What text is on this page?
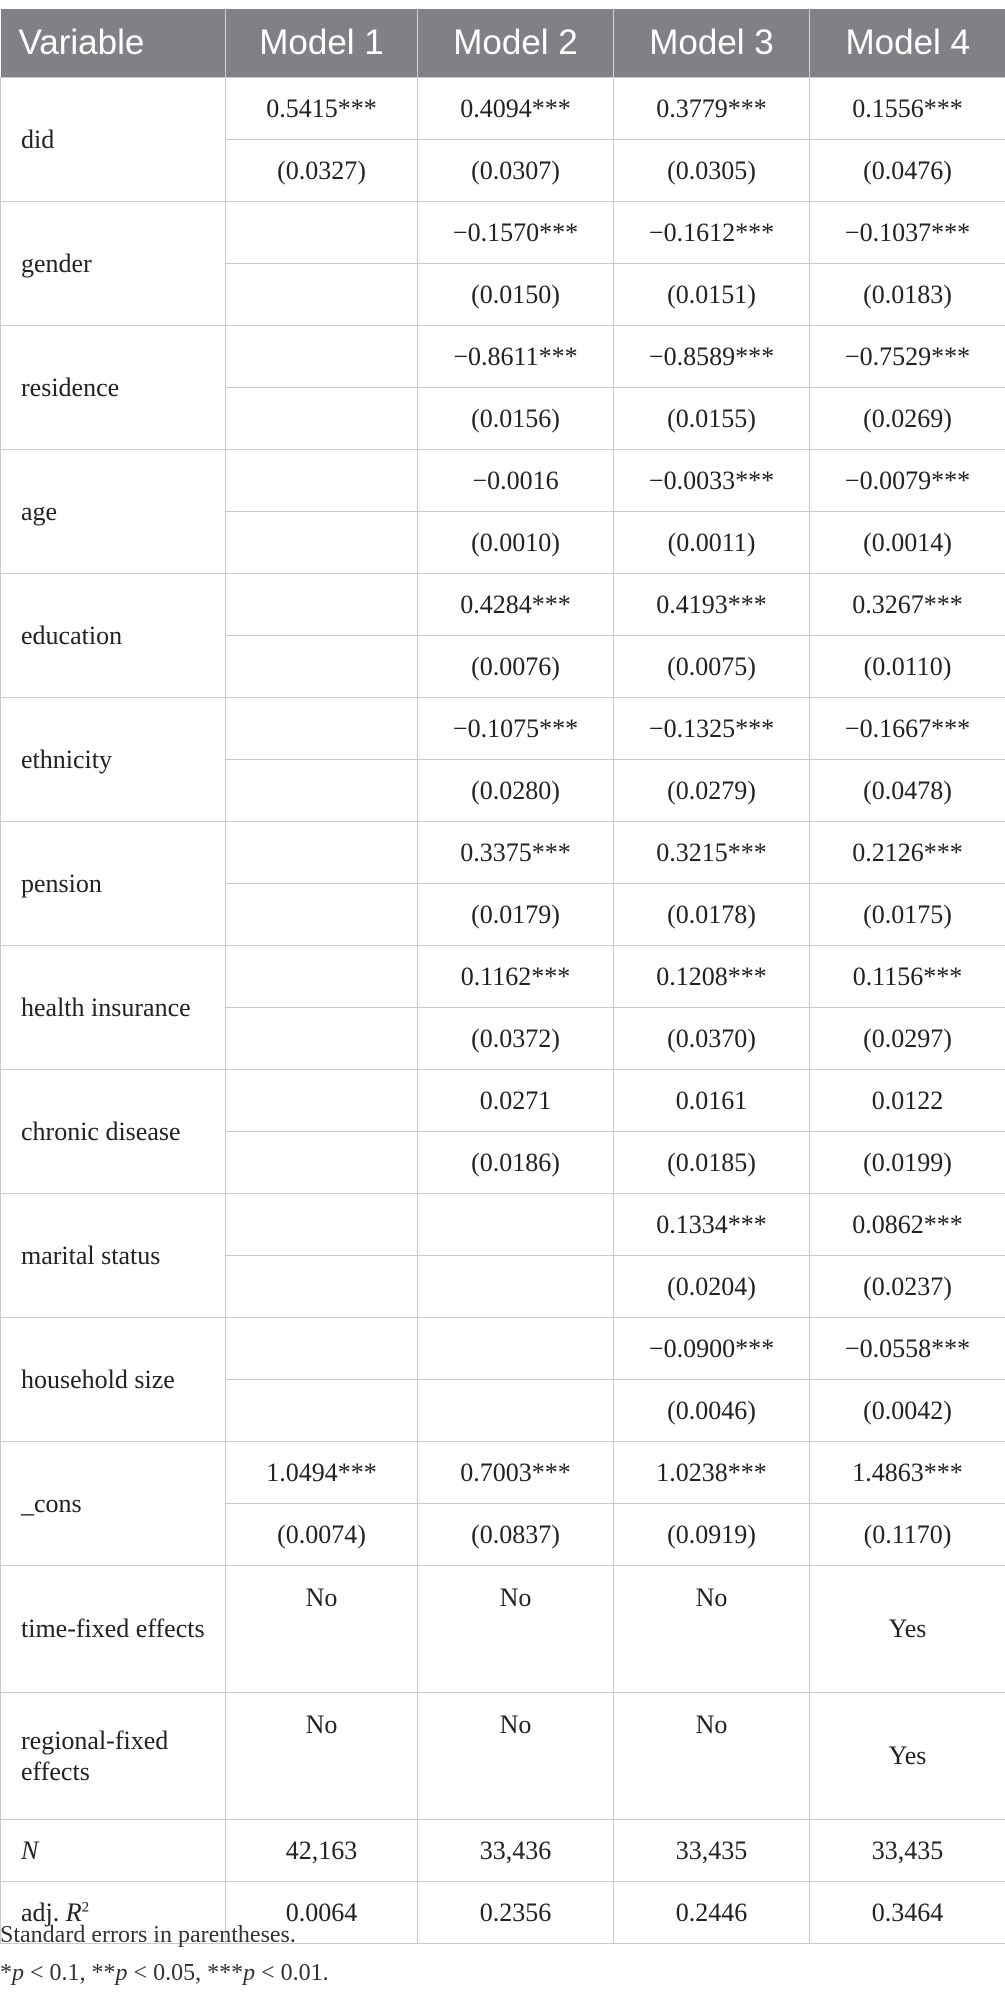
Variable	Model 1	Model 2	Model 3	Model 4
did	0.5415***	0.4094***	0.3779***	0.1556***
	(0.0327)	(0.0307)	(0.0305)	(0.0476)
gender		−0.1570***	−0.1612***	−0.1037***
		(0.0150)	(0.0151)	(0.0183)
residence		−0.8611***	−0.8589***	−0.7529***
		(0.0156)	(0.0155)	(0.0269)
age		−0.0016	−0.0033***	−0.0079***
		(0.0010)	(0.0011)	(0.0014)
education		0.4284***	0.4193***	0.3267***
		(0.0076)	(0.0075)	(0.0110)
ethnicity		−0.1075***	−0.1325***	−0.1667***
		(0.0280)	(0.0279)	(0.0478)
pension		0.3375***	0.3215***	0.2126***
		(0.0179)	(0.0178)	(0.0175)
health insurance		0.1162***	0.1208***	0.1156***
		(0.0372)	(0.0370)	(0.0297)
chronic disease		0.0271	0.0161	0.0122
		(0.0186)	(0.0185)	(0.0199)
marital status			0.1334***	0.0862***
			(0.0204)	(0.0237)
household size			−0.0900***	−0.0558***
			(0.0046)	(0.0042)
_cons	1.0494***	0.7003***	1.0238***	1.4863***
	(0.0074)	(0.0837)	(0.0919)	(0.1170)
time-fixed effects	No	No	No	Yes
regional-fixed effects	No	No	No	Yes
N	42,163	33,436	33,435	33,435
adj. $R^2$	0.0064	0.2356	0.2446	0.3464
Standard errors in parentheses.
*p < 0.1, **p < 0.05, ***p < 0.01.
